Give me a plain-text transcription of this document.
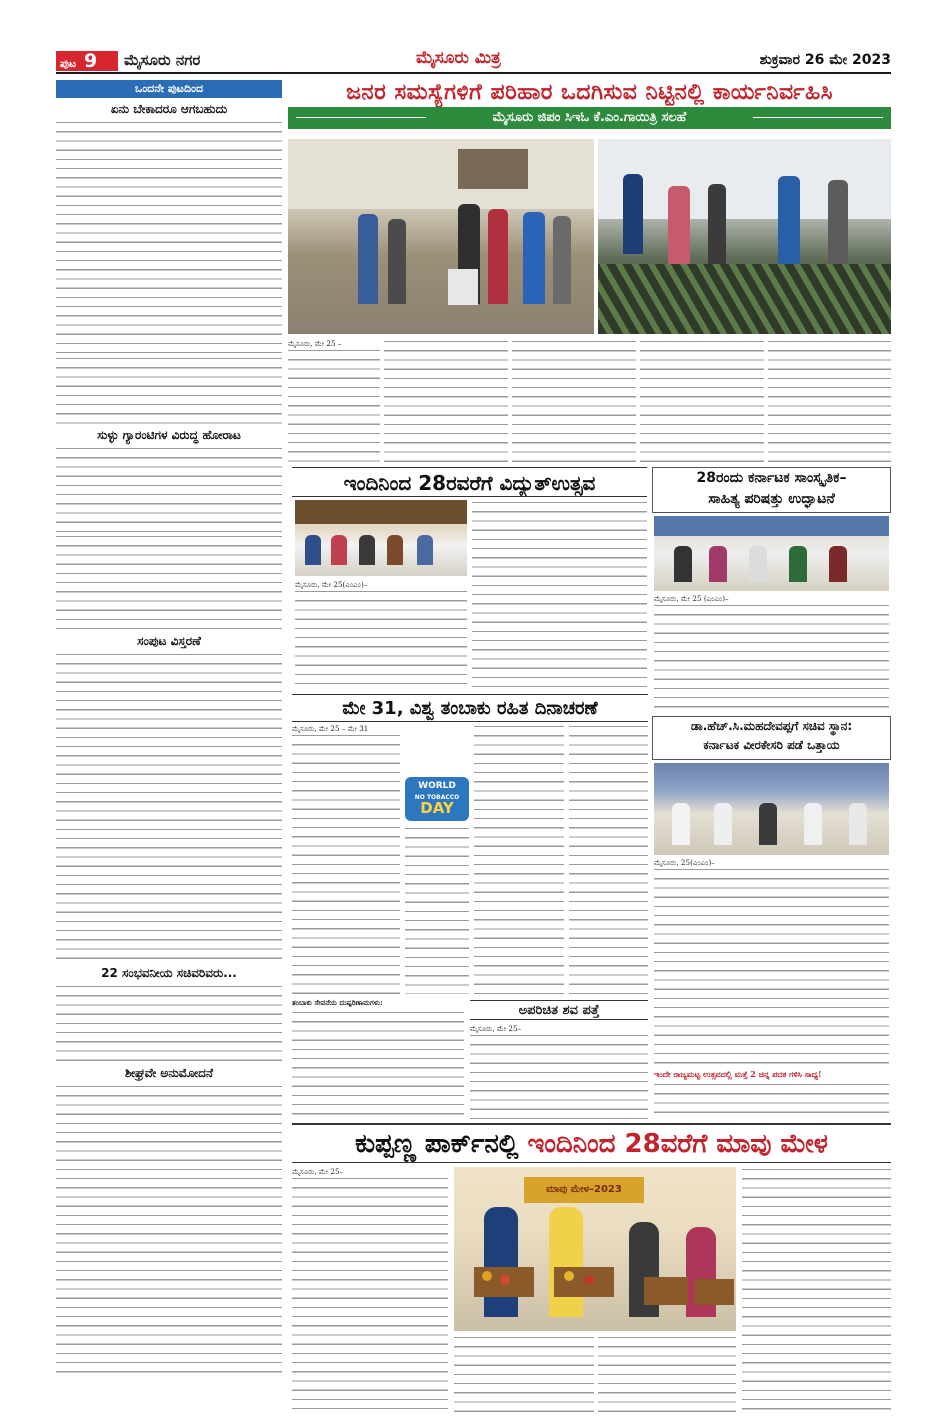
ಪುಟ 9	ಮೈಸೂರು ನಗರ	ಮೈಸೂರು ಮಿತ್ರ	ಶುಕ್ರವಾರ 26 ಮೇ 2023
ಒಂದನೇ ಪುಟದಿಂದ
ಏನು ಬೇಕಾದರೂ ಆಗಬಹುದು
ಸುಳ್ಳು ಗ್ಯಾರಂಟಿಗಳ ವಿರುದ್ಧ ಹೋರಾಟ
ಸಂಪುಟ ವಿಸ್ತರಣೆ
22 ಸಂಭವನೀಯ ಸಚಿವರಿವರು...
ಶೀಘ್ರವೇ ಅನುಮೋದನೆ
ಜನರ ಸಮಸ್ಯೆಗಳಿಗೆ ಪರಿಹಾರ ಒದಗಿಸುವ ನಿಟ್ಟಿನಲ್ಲಿ ಕಾರ್ಯನಿರ್ವಹಿಸಿ
ಮೈಸೂರು ಜಿಪಂ ಸಿಇಓ ಕೆ.ಎಂ.ಗಾಯಿತ್ರಿ ಸಲಹೆ
ಮೈಸೂರು, ಮೇ 25 –
ಇಂದಿನಿಂದ 28ರವರೆಗೆ ವಿದ್ಯುತ್‌ಉತ್ಸವ
ಮೈಸೂರು, ಮೇ 25(ಎಂಎಂ)–
28ರಂದು ಕರ್ನಾಟಕ ಸಾಂಸ್ಕೃತಿಕ–
ಸಾಹಿತ್ಯ ಪರಿಷತ್ತು ಉದ್ಘಾಟನೆ
ಮೈಸೂರು, ಮೇ 25 (ಎಂಎಂ)–
ಮೇ 31, ವಿಶ್ವ ತಂಬಾಕು ರಹಿತ ದಿನಾಚರಣೆ
ಮೈಸೂರು, ಮೇ 25 – ಮೇ 31
WORLD
NO TOBACCO
DAY
ತಂಬಾಕು ಸೇವನೆಯ ದುಷ್ಪರಿಣಾಮಗಳು:
ಡಾ.ಹೆಚ್.ಸಿ.ಮಹದೇವಪ್ಪಗೆ ಸಚಿವ ಸ್ಥಾನ:
ಕರ್ನಾಟಕ ವೀರಕೇಸರಿ ಪಡೆ ಒತ್ತಾಯ
ಮೈಸೂರು, 25(ಎಂಎಂ)–
ಅಪರಿಚಿತ ಶವ ಪತ್ತೆ
ಮೈಸೂರು, ಮೇ 25–
ಇಂದೇ ರಾಜ್ಯಮಟ್ಟ ಉತ್ಸವದಲ್ಲಿ ಮತ್ತೆ 2 ಚಿನ್ನ ಪದಕ ಗಳಿಸಿ ಸಾಧ್ಯ!
ಕುಪ್ಪಣ್ಣ ಪಾರ್ಕ್‌ನಲ್ಲಿ ಇಂದಿನಿಂದ 28ವರೆಗೆ ಮಾವು ಮೇಳ
ಮೈಸೂರು, ಮೇ 25–
ಮಾವು ಮೇಳ–2023
